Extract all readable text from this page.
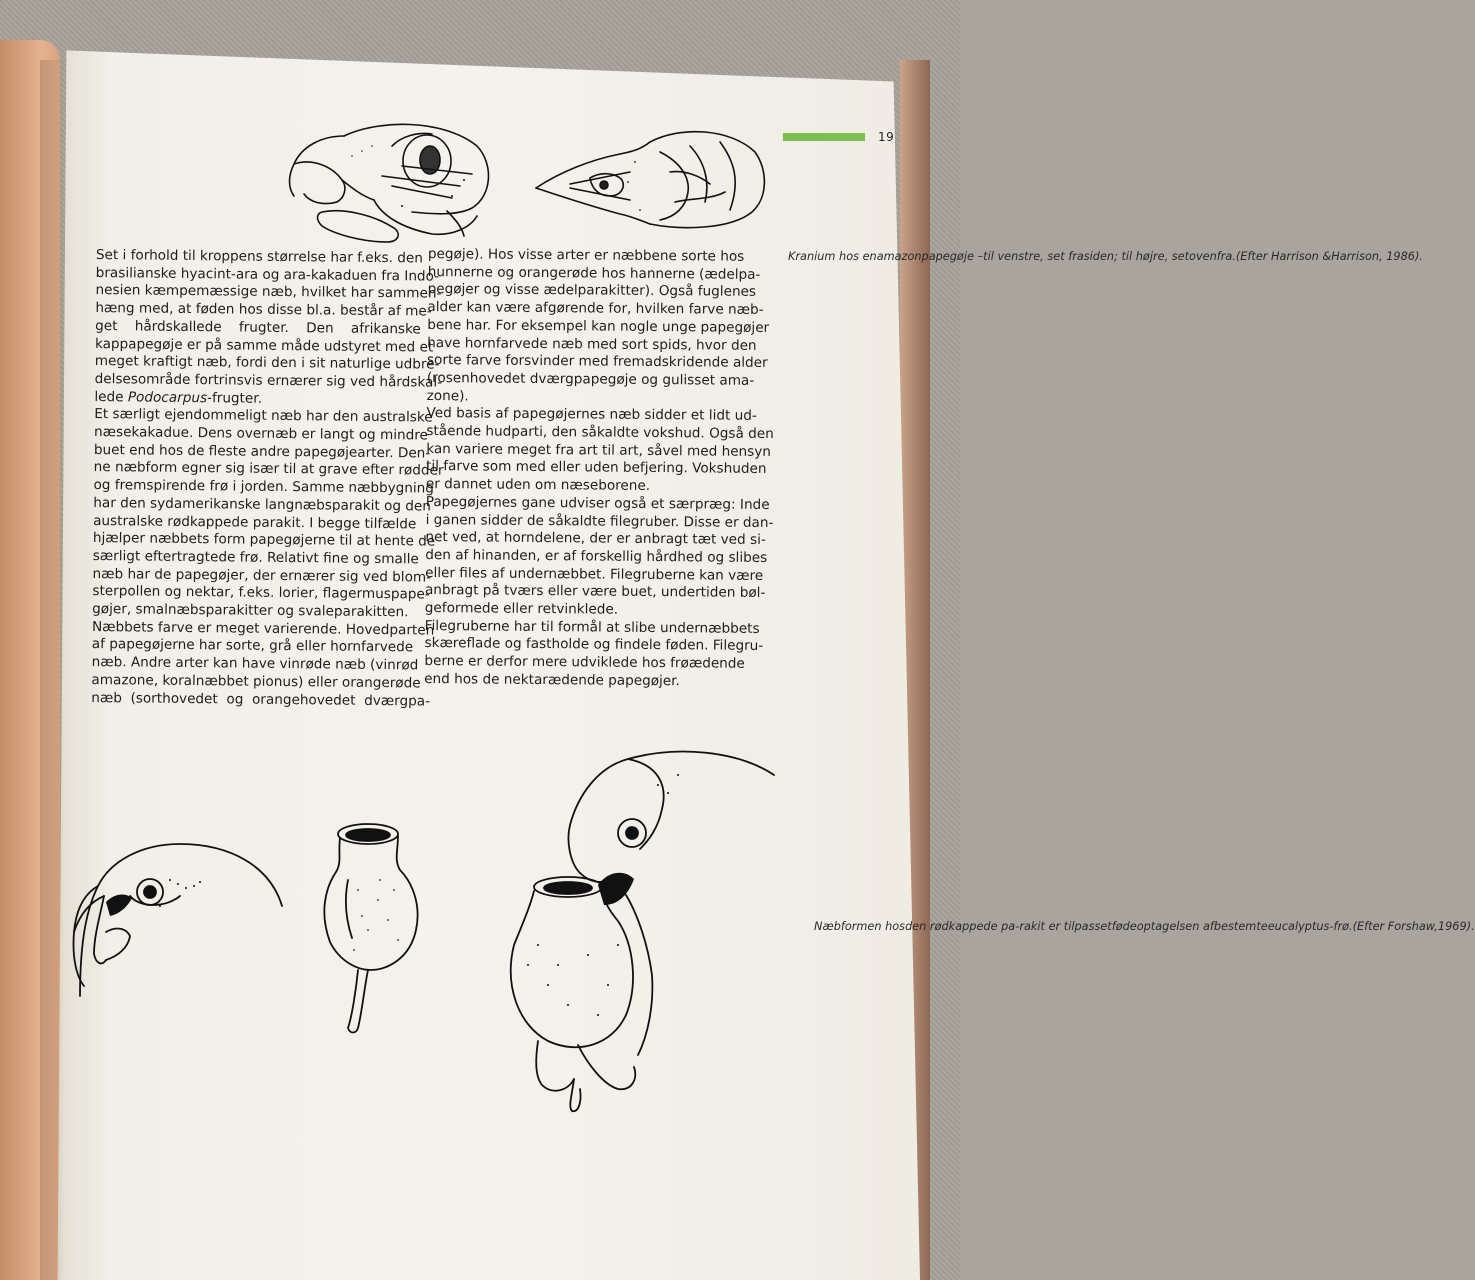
19
Set i forhold til kroppens størrelse har f.eks. den
brasilianske hyacint-ara og ara-kakaduen fra Indo-
nesien kæmpemæssige næb, hvilket har sammen-
hæng med, at føden hos disse bl.a. består af me-
get    hårdskallede    frugter.    Den    afrikanske
kappapegøje er på samme måde udstyret med et
meget kraftigt næb, fordi den i sit naturlige udbre-
delsesområde fortrinsvis ernærer sig ved hårdskal-
lede Podocarpus-frugter.
Et særligt ejendommeligt næb har den australske
næsekakadue. Dens overnæb er langt og mindre
buet end hos de fleste andre papegøjearter. Den-
ne næbform egner sig især til at grave efter rødder
og fremspirende frø i jorden. Samme næbbygning
har den sydamerikanske langnæbsparakit og den
australske rødkappede parakit. I begge tilfælde
hjælper næbbets form papegøjerne til at hente de
særligt eftertragtede frø. Relativt fine og smalle
næb har de papegøjer, der ernærer sig ved blom-
sterpollen og nektar, f.eks. lorier, flagermuspape-
gøjer, smalnæbsparakitter og svaleparakitten.
Næbbets farve er meget varierende. Hovedparten
af papegøjerne har sorte, grå eller hornfarvede
næb. Andre arter kan have vinrøde næb (vinrød
amazone, koralnæbbet pionus) eller orangerøde
næb  (sorthovedet  og  orangehovedet  dværgpa-
pegøje). Hos visse arter er næbbene sorte hos
hunnerne og orangerøde hos hannerne (ædelpa-
pegøjer og visse ædelparakitter). Også fuglenes
alder kan være afgørende for, hvilken farve næb-
bene har. For eksempel kan nogle unge papegøjer
have hornfarvede næb med sort spids, hvor den
sorte farve forsvinder med fremadskridende alder
(rosenhovedet dværgpapegøje og gulisset ama-
zone).
Ved basis af papegøjernes næb sidder et lidt ud-
stående hudparti, den såkaldte vokshud. Også den
kan variere meget fra art til art, såvel med hensyn
til farve som med eller uden befjering. Vokshuden
er dannet uden om næseborene.
Papegøjernes gane udviser også et særpræg: Inde
i ganen sidder de såkaldte filegruber. Disse er dan-
net ved, at horndelene, der er anbragt tæt ved si-
den af hinanden, er af forskellig hårdhed og slibes
eller files af undernæbbet. Filegruberne kan være
anbragt på tværs eller være buet, undertiden bøl-
geformede eller retvinklede.
Filegruberne har til formål at slibe undernæbbets
skæreflade og fastholde og findele føden. Filegru-
berne er derfor mere udviklede hos frøædende
end hos de nektarædende papegøjer.
Kranium hos enamazonpapegøje –til venstre, set frasiden; til højre, setovenfra.(Efter Harrison &Harrison, 1986).
Næbformen hosden rødkappede pa-rakit er tilpassetfødeoptagelsen afbestemteeucalyptus-frø.(Efter Forshaw,1969).
